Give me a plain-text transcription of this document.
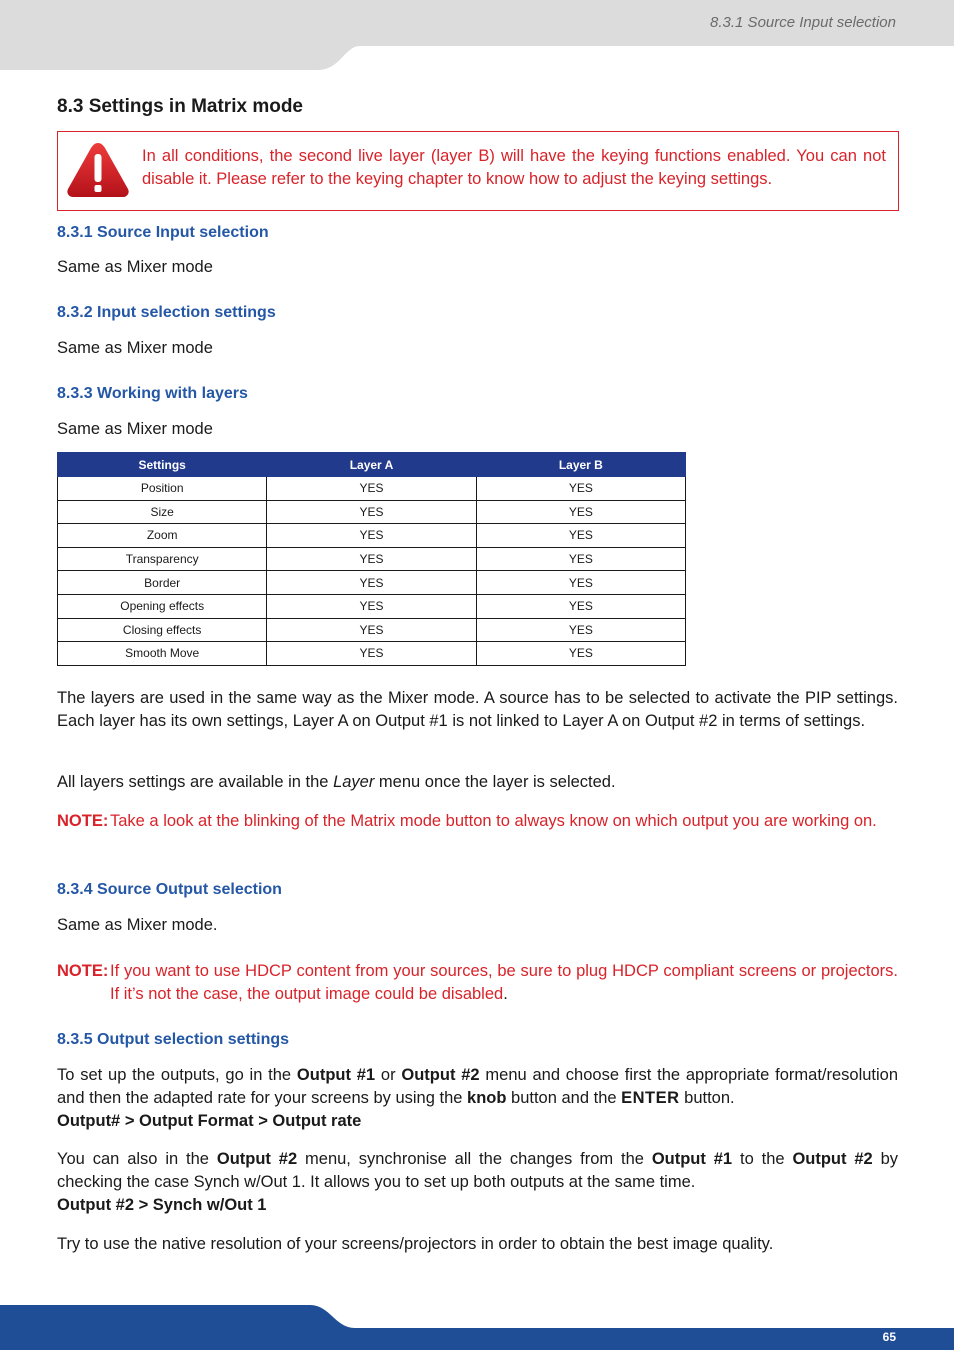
8.3.1 Source Input selection
8.3 Settings in Matrix mode
In all conditions, the second live layer (layer B) will have the keying functions enabled. You can not disable it. Please refer to the keying chapter to know how to adjust the keying settings.
8.3.1 Source Input selection

Same as Mixer mode

8.3.2 Input selection settings

Same as Mixer mode

8.3.3 Working with layers

Same as Mixer mode

Settings	Layer A	Layer B
Position	YES	YES
Size	YES	YES
Zoom	YES	YES
Transparency	YES	YES
Border	YES	YES
Opening effects	YES	YES
Closing effects	YES	YES
Smooth Move	YES	YES

The layers are used in the same way as the Mixer mode. A source has to be selected to activate the PIP settings. Each layer has its own settings, Layer A on Output #1 is not linked to Layer A on Output #2 in terms of settings.

All layers settings are available in the Layer menu once the layer is selected.

NOTE: Take a look at the blinking of the Matrix mode button to always know on which output you are working on.
8.3.4 Source Output selection

Same as Mixer mode.

NOTE: If you want to use HDCP content from your sources, be sure to plug HDCP compliant screens or projectors. If it’s not the case, the output image could be disabled.
8.3.5 Output selection settings

To set up the outputs, go in the Output #1 or Output #2 menu and choose first the appropriate format/resolution and then the adapted rate for your screens by using the knob button and the ENTER button.

Output# > Output Format > Output rate

You can also in the Output #2 menu, synchronise all the changes from the Output #1 to the Output #2 by checking the case Synch w/Out 1. It allows you to set up both outputs at the same time.

Output #2 > Synch w/Out 1

Try to use the native resolution of your screens/projectors in order to obtain the best image quality.

65
